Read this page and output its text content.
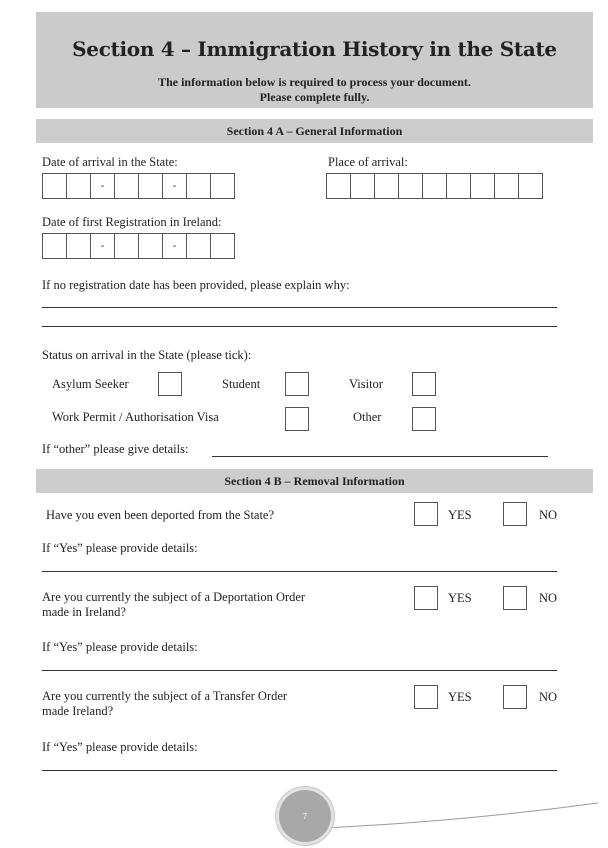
Section 4 – Immigration History in the State
The information below is required to process your document.
Please complete fully.
Section 4 A – General Information
Date of arrival in the State:
-	-
Place of arrival:
Date of first Registration in Ireland:
-	-
If no registration date has been provided, please explain why:
Status on arrival in the State (please tick):
Asylum Seeker	Student	Visitor
Work Permit / Authorisation Visa	Other
If “other” please give details:
Section 4 B – Removal Information
Have you even been deported from the State?	YES	NO
If “Yes” please provide details:
Are you currently the subject of a Deportation Order
made in Ireland?
YES	NO
If “Yes” please provide details:
Are you currently the subject of a Transfer Order
made Ireland?
YES	NO
If “Yes” please provide details:
7
